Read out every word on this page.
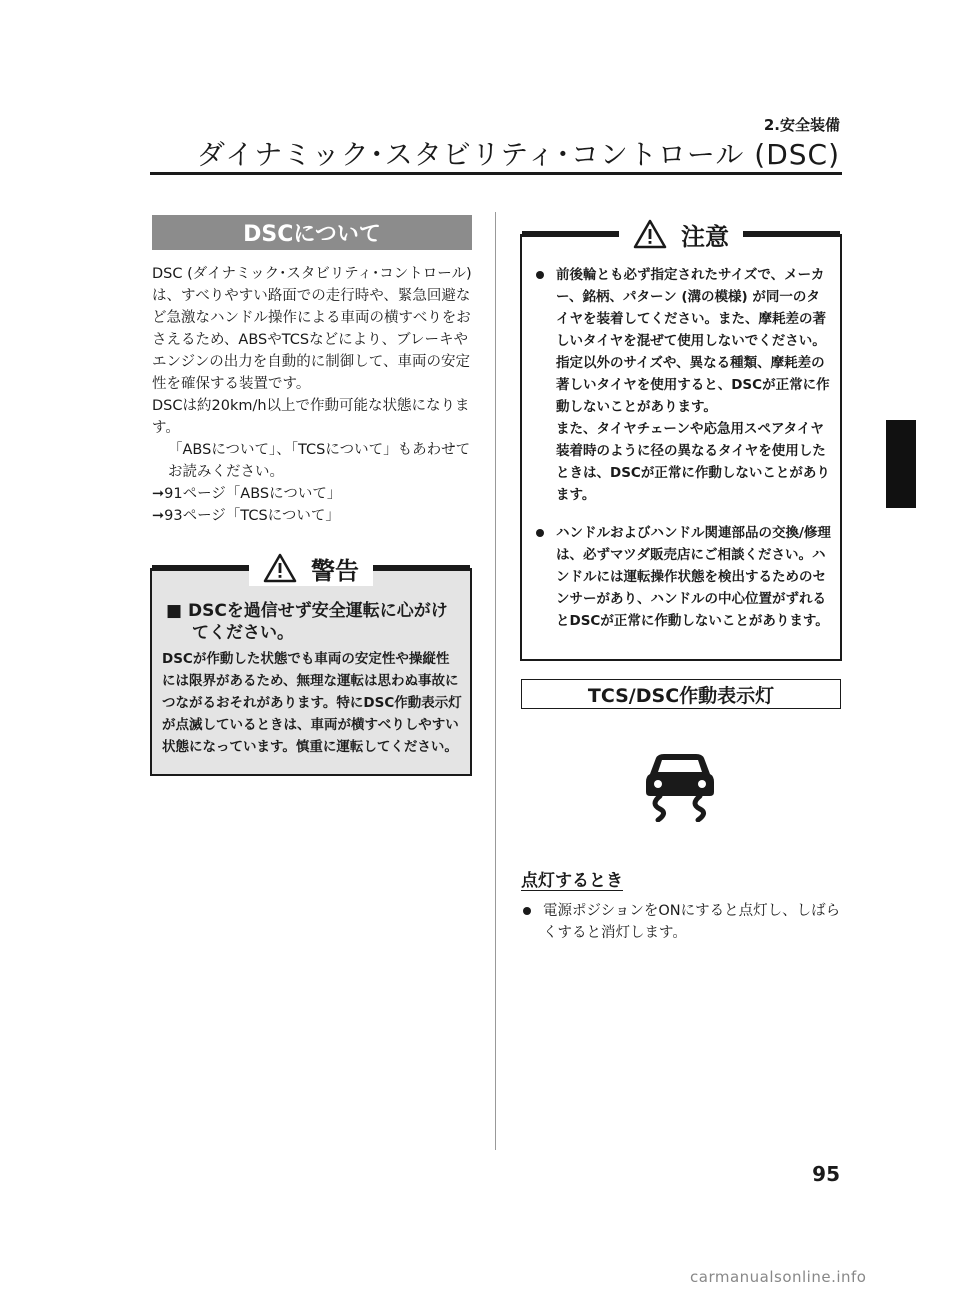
2.安全装備
ダイナミック･スタビリティ･コントロール (DSC)
DSCについて

DSC (ダイナミック･スタビリティ･コントロール) は、すべりやすい路面での走行時や、緊急回避など急激なハンドル操作による車両の横すべりをおさえるため、ABSやTCSなどにより、ブレーキやエンジンの出力を自動的に制御して、車両の安定性を確保する装置です。

DSCは約20km/h以上で作動可能な状態になります。

「ABSについて」、「TCSについて」もあわせてお読みください。

➞91ページ「ABSについて」

➞93ページ「TCSについて」

警告
■ DSCを過信せず安全運転に心がけてください。
DSCが作動した状態でも車両の安定性や操縦性には限界があるため、無理な運転は思わぬ事故につながるおそれがあります。特にDSC作動表示灯が点滅しているときは、車両が横すべりしやすい状態になっています。慎重に運転してください。
注意
前後輪とも必ず指定されたサイズで、メーカー、銘柄、パターン (溝の模様) が同一のタイヤを装着してください。また、摩耗差の著しいタイヤを混ぜて使用しないでください。指定以外のサイズや、異なる種類、摩耗差の著しいタイヤを使用すると、DSCが正常に作動しないことがあります。
また、タイヤチェーンや応急用スペアタイヤ装着時のように径の異なるタイヤを使用したときは、DSCが正常に作動しないことがあります。
ハンドルおよびハンドル関連部品の交換/修理は、必ずマツダ販売店にご相談ください。ハンドルには運転操作状態を検出するためのセンサーがあり、ハンドルの中心位置がずれるとDSCが正常に作動しないことがあります。
TCS/DSC作動表示灯
点灯するとき
電源ポジションをONにすると点灯し、しばらくすると消灯します。
95
carmanualsonline.info
